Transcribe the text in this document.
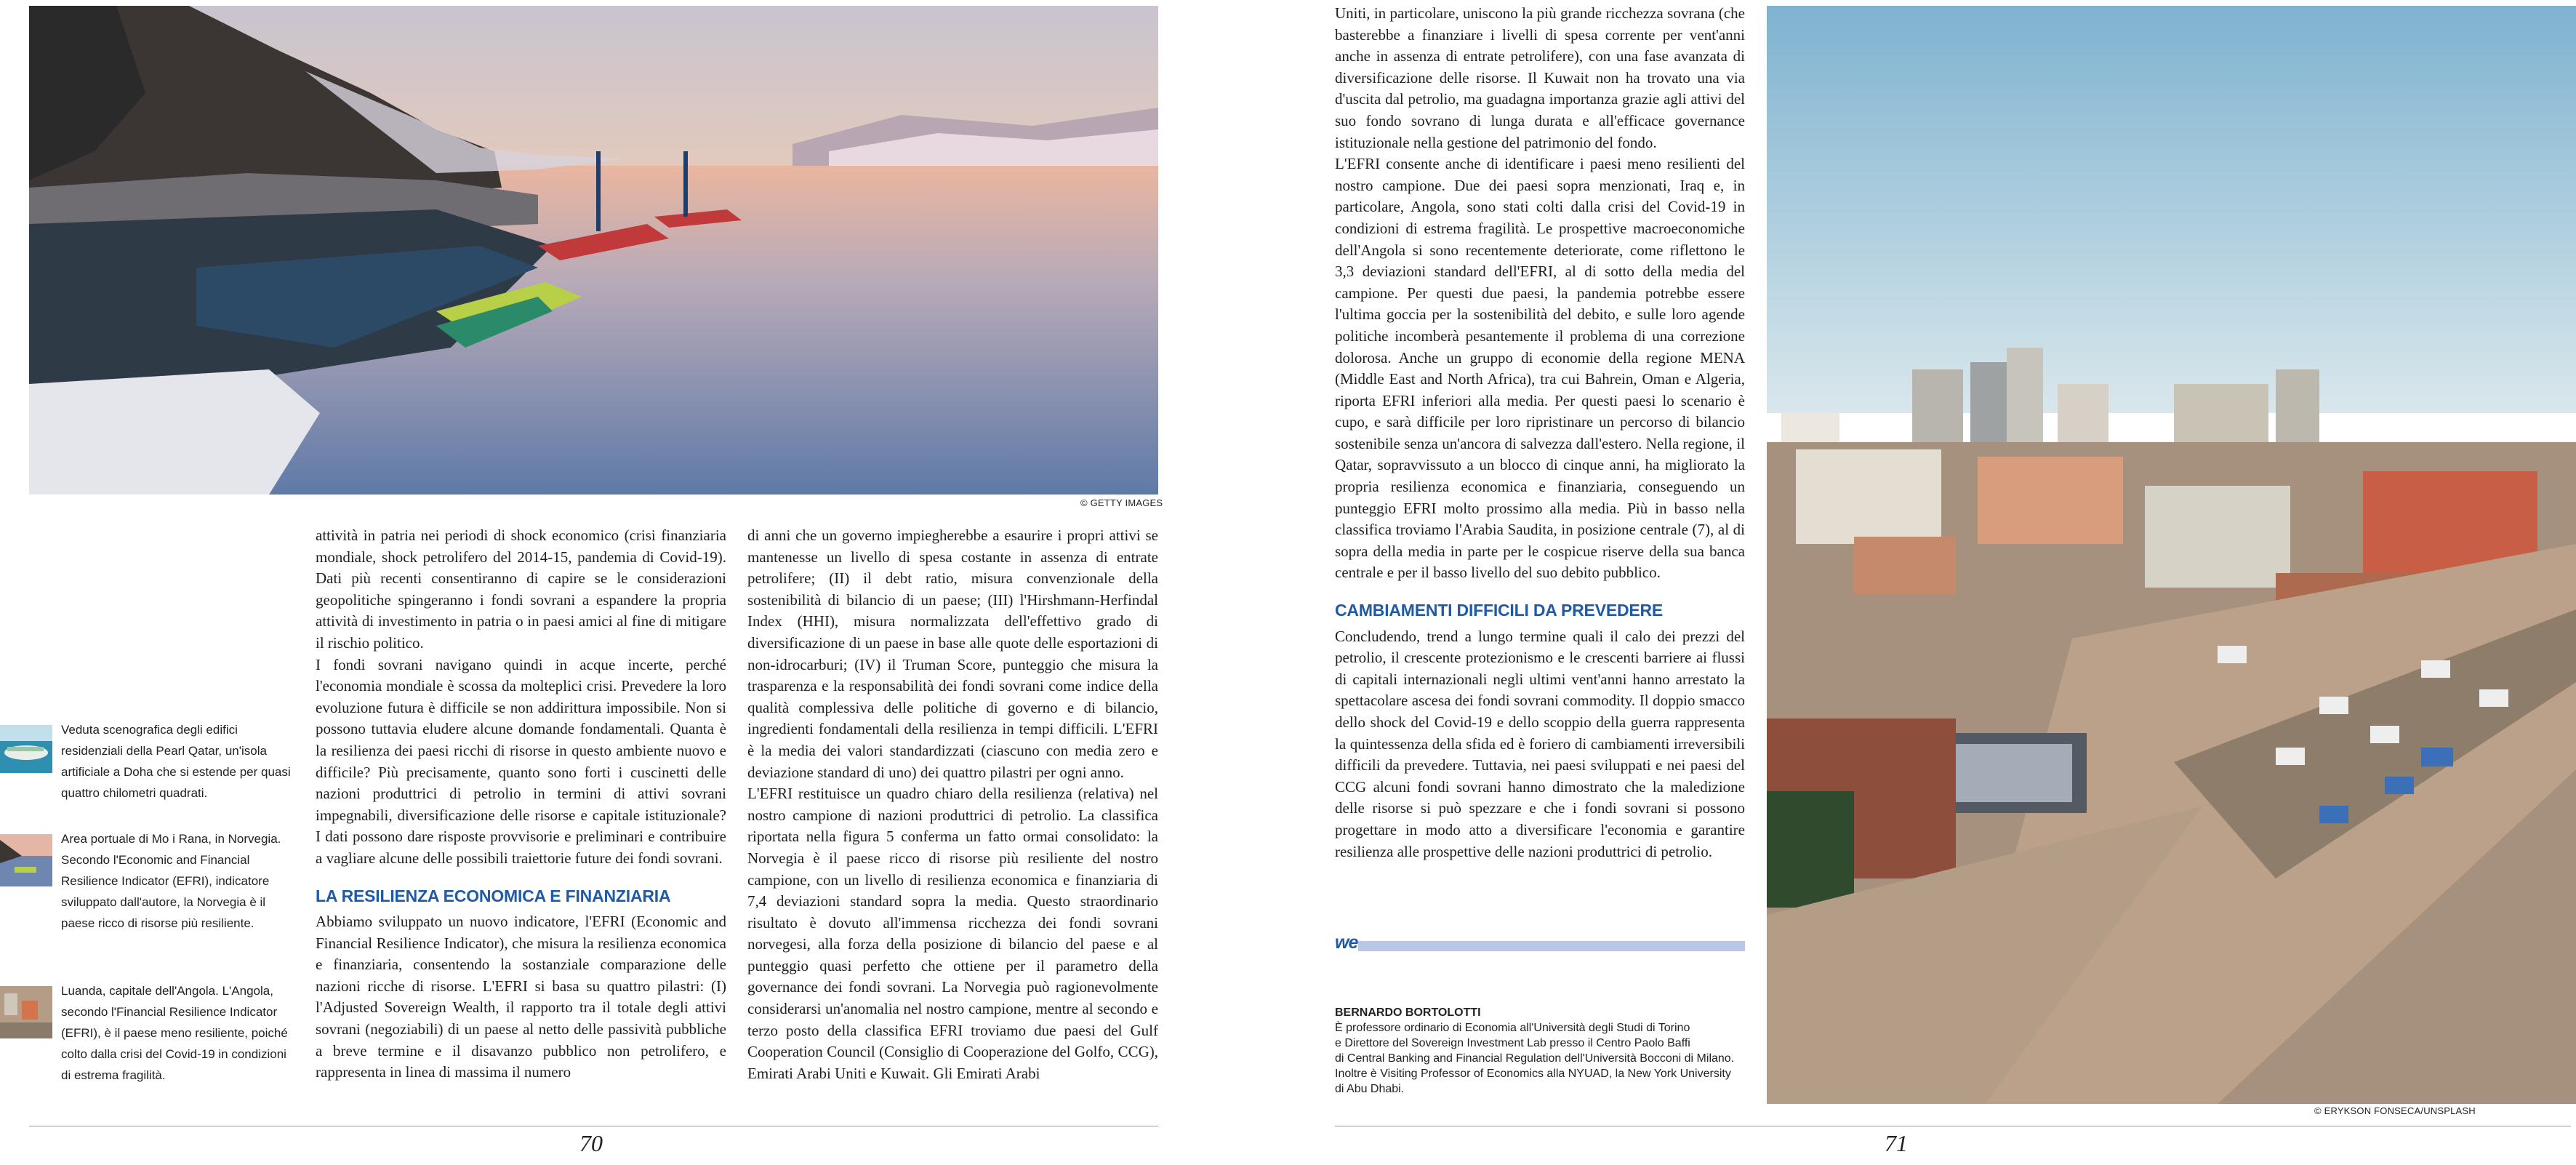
© GETTY IMAGES
Veduta scenografica degli edifici residenziali della Pearl Qatar, un'isola artificiale a Doha che si estende per quasi quattro chilometri quadrati.
Area portuale di Mo i Rana, in Norvegia. Secondo l'Economic and Financial Resilience Indicator (EFRI), indicatore sviluppato dall'autore, la Norvegia è il paese ricco di risorse più resiliente.
Luanda, capitale dell'Angola. L'Angola, secondo l'Financial Resilience Indicator (EFRI), è il paese meno resiliente, poiché colto dalla crisi del Covid-19 in condizioni di estrema fragilità.

attività in patria nei periodi di shock economico (crisi finanziaria mondiale, shock petrolifero del 2014-15, pandemia di Covid-19). Dati più recenti consentiranno di capire se le considerazioni geopolitiche spingeranno i fondi sovrani a espandere la propria attività di investimento in patria o in paesi amici al fine di mitigare il rischio politico.

I fondi sovrani navigano quindi in acque incerte, perché l'economia mondiale è scossa da molteplici crisi. Prevedere la loro evoluzione futura è difficile se non addirittura impossibile. Non si possono tuttavia eludere alcune domande fondamentali. Quanta è la resilienza dei paesi ricchi di risorse in questo ambiente nuovo e difficile? Più precisamente, quanto sono forti i cuscinetti delle nazioni produttrici di petrolio in termini di attivi sovrani impegnabili, diversificazione delle risorse e capitale istituzionale? I dati possono dare risposte provvisorie e preliminari e contribuire a vagliare alcune delle possibili traiettorie future dei fondi sovrani.

LA RESILIENZA ECONOMICA E FINANZIARIA

Abbiamo sviluppato un nuovo indicatore, l'EFRI (Economic and Financial Resilience Indicator), che misura la resilienza economica e finanziaria, consentendo la sostanziale comparazione delle nazioni ricche di risorse. L'EFRI si basa su quattro pilastri: (I) l'Adjusted Sovereign Wealth, il rapporto tra il totale degli attivi sovrani (negoziabili) di un paese al netto delle passività pubbliche a breve termine e il disavanzo pubblico non petrolifero, e rappresenta in linea di massima il numero

di anni che un governo impiegherebbe a esaurire i propri attivi se mantenesse un livello di spesa costante in assenza di entrate petrolifere; (II) il debt ratio, misura convenzionale della sostenibilità di bilancio di un paese; (III) l'Hirshmann-Herfindal Index (HHI), misura normalizzata dell'effettivo grado di diversificazione di un paese in base alle quote delle esportazioni di non-idrocarburi; (IV) il Truman Score, punteggio che misura la trasparenza e la responsabilità dei fondi sovrani come indice della qualità complessiva delle politiche di governo e di bilancio, ingredienti fondamentali della resilienza in tempi difficili. L'EFRI è la media dei valori standardizzati (ciascuno con media zero e deviazione standard di uno) dei quattro pilastri per ogni anno.

L'EFRI restituisce un quadro chiaro della resilienza (relativa) nel nostro campione di nazioni produttrici di petrolio. La classifica riportata nella figura 5 conferma un fatto ormai consolidato: la Norvegia è il paese ricco di risorse più resiliente del nostro campione, con un livello di resilienza economica e finanziaria di 7,4 deviazioni standard sopra la media. Questo straordinario risultato è dovuto all'immensa ricchezza dei fondi sovrani norvegesi, alla forza della posizione di bilancio del paese e al punteggio quasi perfetto che ottiene per il parametro della governance dei fondi sovrani. La Norvegia può ragionevolmente considerarsi un'anomalia nel nostro campione, mentre al secondo e terzo posto della classifica EFRI troviamo due paesi del Gulf Cooperation Council (Consiglio di Cooperazione del Golfo, CCG), Emirati Arabi Uniti e Kuwait. Gli Emirati Arabi

70

Uniti, in particolare, uniscono la più grande ricchezza sovrana (che basterebbe a finanziare i livelli di spesa corrente per vent'anni anche in assenza di entrate petrolifere), con una fase avanzata di diversificazione delle risorse. Il Kuwait non ha trovato una via d'uscita dal petrolio, ma guadagna importanza grazie agli attivi del suo fondo sovrano di lunga durata e all'efficace governance istituzionale nella gestione del patrimonio del fondo.

L'EFRI consente anche di identificare i paesi meno resilienti del nostro campione. Due dei paesi sopra menzionati, Iraq e, in particolare, Angola, sono stati colti dalla crisi del Covid-19 in condizioni di estrema fragilità. Le prospettive macroeconomiche dell'Angola si sono recentemente deteriorate, come riflettono le 3,3 deviazioni standard dell'EFRI, al di sotto della media del campione. Per questi due paesi, la pandemia potrebbe essere l'ultima goccia per la sostenibilità del debito, e sulle loro agende politiche incomberà pesantemente il problema di una correzione dolorosa. Anche un gruppo di economie della regione MENA (Middle East and North Africa), tra cui Bahrein, Oman e Algeria, riporta EFRI inferiori alla media. Per questi paesi lo scenario è cupo, e sarà difficile per loro ripristinare un percorso di bilancio sostenibile senza un'ancora di salvezza dall'estero. Nella regione, il Qatar, sopravvissuto a un blocco di cinque anni, ha migliorato la propria resilienza economica e finanziaria, conseguendo un punteggio EFRI molto prossimo alla media. Più in basso nella classifica troviamo l'Arabia Saudita, in posizione centrale (7), al di sopra della media in parte per le cospicue riserve della sua banca centrale e per il basso livello del suo debito pubblico.

CAMBIAMENTI DIFFICILI DA PREVEDERE

Concludendo, trend a lungo termine quali il calo dei prezzi del petrolio, il crescente protezionismo e le crescenti barriere ai flussi di capitali internazionali negli ultimi vent'anni hanno arrestato la spettacolare ascesa dei fondi sovrani commodity. Il doppio smacco dello shock del Covid-19 e dello scoppio della guerra rappresenta la quintessenza della sfida ed è foriero di cambiamenti irreversibili difficili da prevedere. Tuttavia, nei paesi sviluppati e nei paesi del CCG alcuni fondi sovrani hanno dimostrato che la maledizione delle risorse si può spezzare e che i fondi sovrani si possono progettare in modo atto a diversificare l'economia e garantire resilienza alle prospettive delle nazioni produttrici di petrolio.

we
BERNARDO BORTOLOTTI
È professore ordinario di Economia all'Università degli Studi di Torino
e Direttore del Sovereign Investment Lab presso il Centro Paolo Baffi
di Central Banking and Financial Regulation dell'Università Bocconi di Milano.
Inoltre è Visiting Professor of Economics alla NYUAD, la New York University
di Abu Dhabi.
© ERYKSON FONSECA/UNSPLASH
71
